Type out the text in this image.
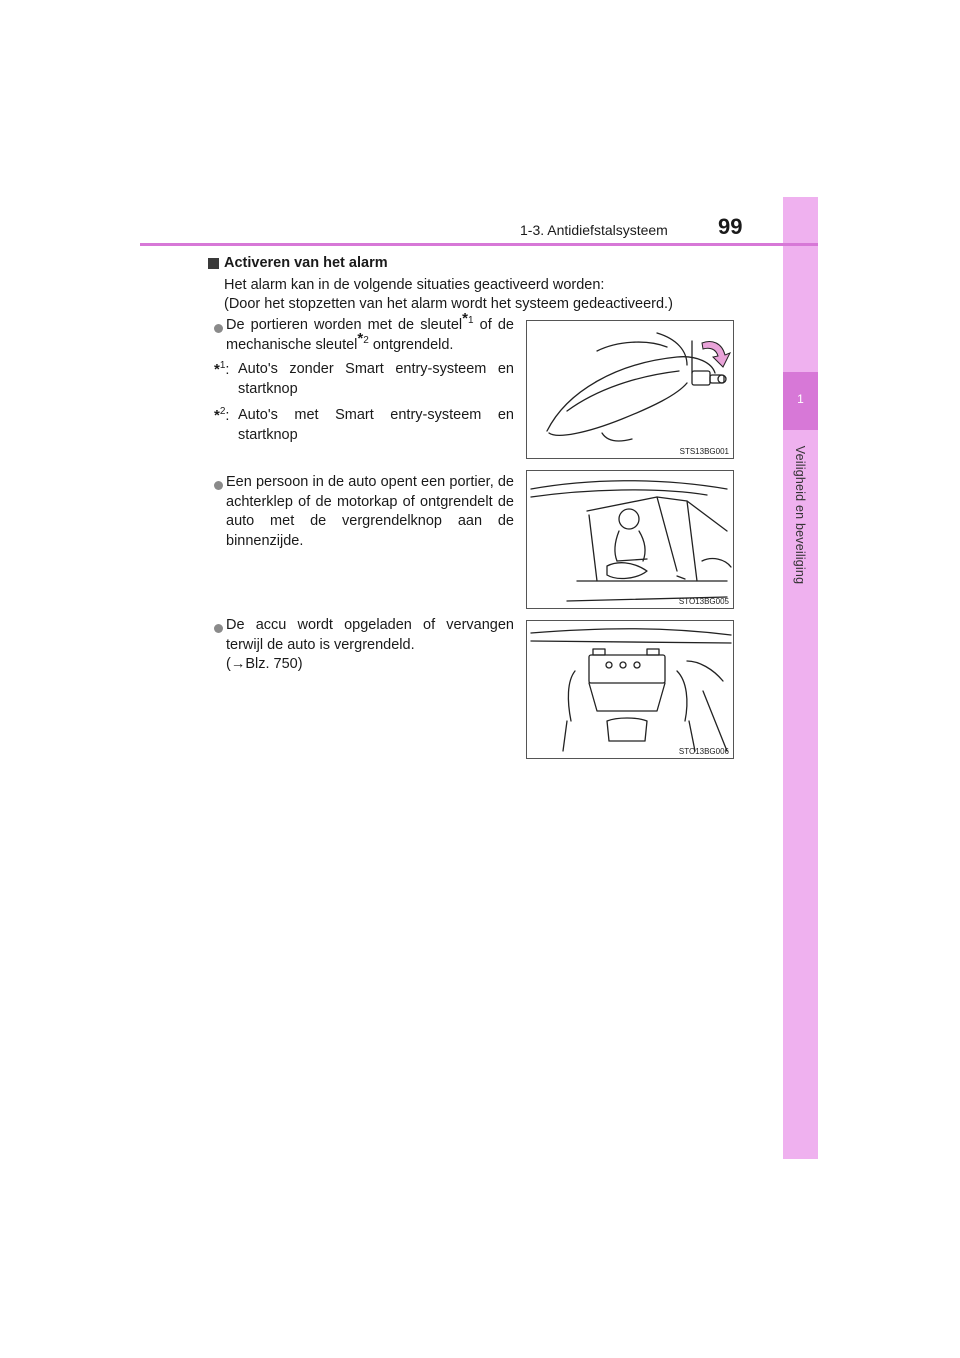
1
Veiligheid en beveiliging
1-3. Antidiefstalsysteem 99
Activeren van het alarm
Het alarm kan in de volgende situaties geactiveerd worden:
(Door het stopzetten van het alarm wordt het systeem gedeactiveerd.)
De portieren worden met de sleutel$^{*1}$ of de mechanische sleutel$^{*2}$ ontgrendeld.
*$^1$: Auto's zonder Smart entry-systeem en startknop
*$^2$: Auto's met Smart entry-systeem en startknop
Een persoon in de auto opent een portier, de achterklep of de motorkap of ontgrendelt de auto met de vergrendelknop aan de binnenzijde.
De accu wordt opgeladen of vervangen terwijl de auto is vergrendeld.
(→Blz. 750)
STS13BG001
STO13BG005
STO13BG006
